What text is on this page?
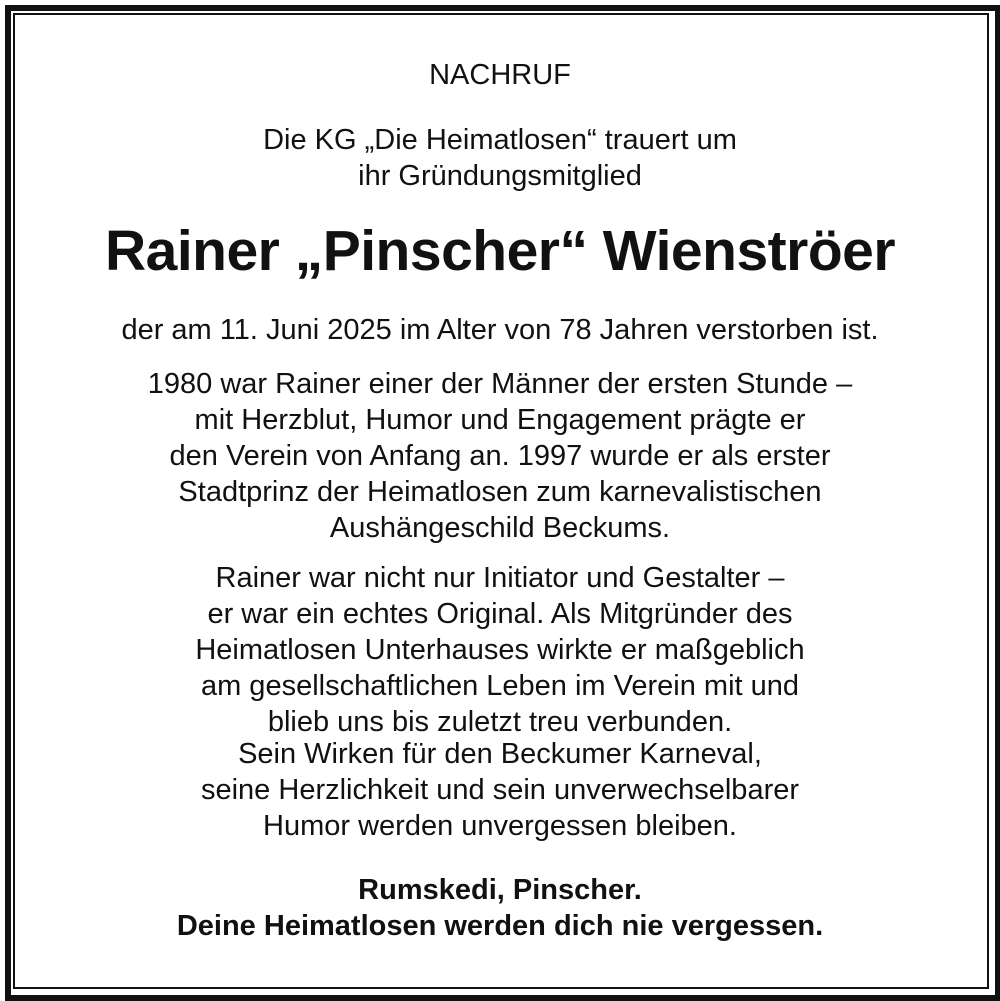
NACHRUF
Die KG „Die Heimatlosen“ trauert um
ihr Gründungsmitglied
Rainer „Pinscher“ Wienströer
der am 11. Juni 2025 im Alter von 78 Jahren verstorben ist.
1980 war Rainer einer der Männer der ersten Stunde –
mit Herzblut, Humor und Engagement prägte er
den Verein von Anfang an. 1997 wurde er als erster
Stadtprinz der Heimatlosen zum karnevalistischen
Aushängeschild Beckums.
Rainer war nicht nur Initiator und Gestalter –
er war ein echtes Original. Als Mitgründer des
Heimatlosen Unterhauses wirkte er maßgeblich
am gesellschaftlichen Leben im Verein mit und
blieb uns bis zuletzt treu verbunden.
Sein Wirken für den Beckumer Karneval,
seine Herzlichkeit und sein unverwechselbarer
Humor werden unvergessen bleiben.
Rumskedi, Pinscher.
Deine Heimatlosen werden dich nie vergessen.
